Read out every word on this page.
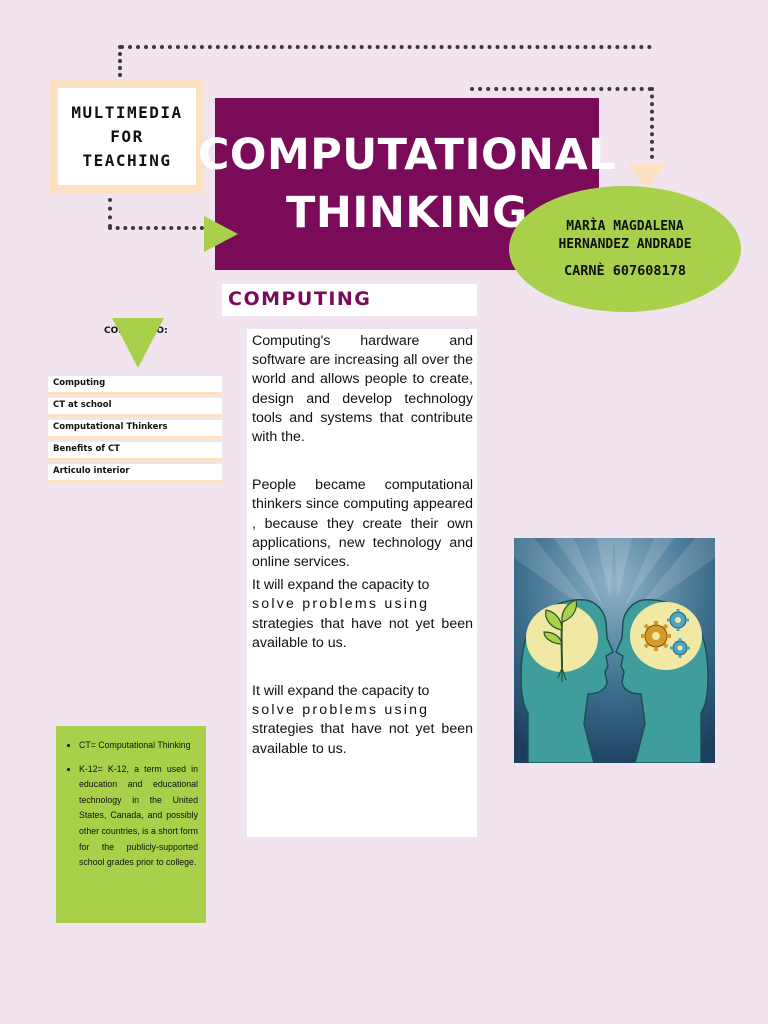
MULTIMEDIA
FOR
TEACHING COMPUTATIONAL
THINKING	MARÌA MAGDALENA
HERNANDEZ ANDRADE
CARNÈ 607608178
COMPUTING
CONTENIDO:
Computing
CT at school
Computational Thinkers
Benefits of CT
Articulo interior

Computing's hardware and software are increasing all over the world and allows people to create, design and develop technology tools and systems that contribute with the.

People became computational thinkers since computing appeared , because they create their own applications, new technology and online services.

It will expand the capacity to
solve problems using
strategies that have not yet been available to us.
It will expand the capacity to
solve problems using
strategies that have not yet been available to us.
• CT= Computational Thinking
• K-12= K-12, a term used in education and educational technology in the United States, Canada, and possibly other countries, is a short form for the publicly-supported school grades prior to college.
